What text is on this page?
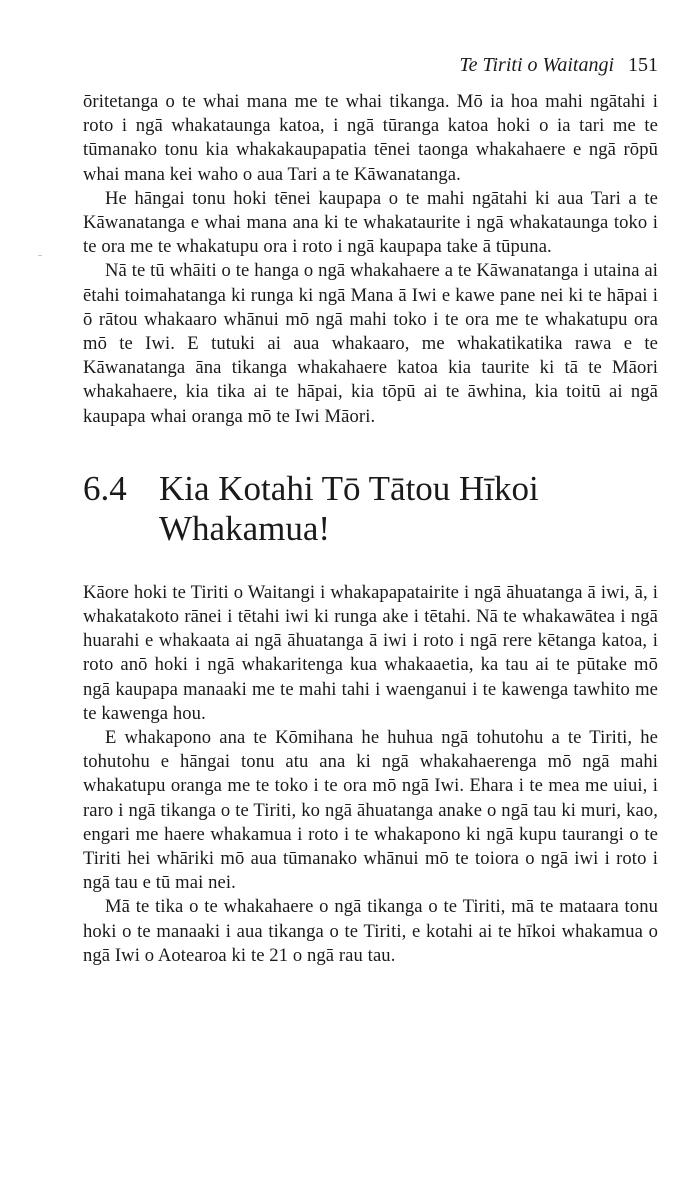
Te Tiriti o Waitangi 151

ōritetanga o te whai mana me te whai tikanga. Mō ia hoa mahi ngātahi i roto i ngā whakataunga katoa, i ngā tūranga katoa hoki o ia tari me te tūmanako tonu kia whakakaupapatia tēnei taonga whakahaere e ngā rōpū whai mana kei waho o aua Tari a te Kāwanatanga.

He hāngai tonu hoki tēnei kaupapa o te mahi ngātahi ki aua Tari a te Kāwanatanga e whai mana ana ki te whakataurite i ngā whakataunga toko i te ora me te whakatupu ora i roto i ngā kaupapa take ā tūpuna.

Nā te tū whāiti o te hanga o ngā whakahaere a te Kāwanatanga i utaina ai ētahi toimahatanga ki runga ki ngā Mana ā Iwi e kawe pane nei ki te hāpai i ō rātou whakaaro whānui mō ngā mahi toko i te ora me te whakatupu ora mō te Iwi. E tutuki ai aua whakaaro, me whakatikatika rawa e te Kāwanatanga āna tikanga whakahaere katoa kia taurite ki tā te Māori whakahaere, kia tika ai te hāpai, kia tōpū ai te āwhina, kia toitū ai ngā kaupapa whai oranga mō te Iwi Māori.

6.4 Kia Kotahi Tō Tātou Hīkoi Whakamua!

Kāore hoki te Tiriti o Waitangi i whakapapatairite i ngā āhuatanga ā iwi, ā, i whakatakoto rānei i tētahi iwi ki runga ake i tētahi. Nā te whakawātea i ngā huarahi e whakaata ai ngā āhuatanga ā iwi i roto i ngā rere kētanga katoa, i roto anō hoki i ngā whakaritenga kua whakaaetia, ka tau ai te pūtake mō ngā kaupapa manaaki me te mahi tahi i waenganui i te kawenga tawhito me te kawenga hou.

E whakapono ana te Kōmihana he huhua ngā tohutohu a te Tiriti, he tohutohu e hāngai tonu atu ana ki ngā whakahaerenga mō ngā mahi whakatupu oranga me te toko i te ora mō ngā Iwi. Ehara i te mea me uiui, i raro i ngā tikanga o te Tiriti, ko ngā āhuatanga anake o ngā tau ki muri, kao, engari me haere whakamua i roto i te whakapono ki ngā kupu taurangi o te Tiriti hei whāriki mō aua tūmanako whānui mō te toiora o ngā iwi i roto i ngā tau e tū mai nei.

Mā te tika o te whakahaere o ngā tikanga o te Tiriti, mā te mataara tonu hoki o te manaaki i aua tikanga o te Tiriti, e kotahi ai te hīkoi whakamua o ngā Iwi o Aotearoa ki te 21 o ngā rau tau.
